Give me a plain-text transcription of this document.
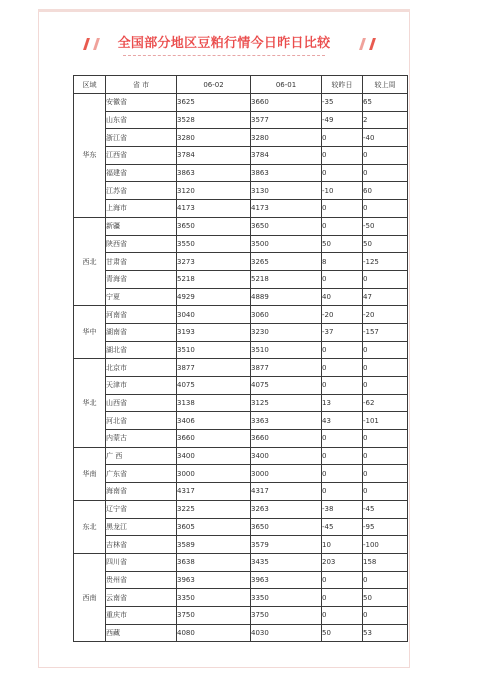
全国部分地区豆粕行情今日昨日比较
区域	省 市	06-02	06-01	较昨日	较上周
华东	安徽省	3625	3660	-35	65
	山东省	3528	3577	-49	2
	浙江省	3280	3280	0	-40
	江西省	3784	3784	0	0
	福建省	3863	3863	0	0
	江苏省	3120	3130	-10	60
	上海市	4173	4173	0	0
西北	新疆	3650	3650	0	-50
	陕西省	3550	3500	50	50
	甘肃省	3273	3265	8	-125
	青海省	5218	5218	0	0
	宁夏	4929	4889	40	47
华中	河南省	3040	3060	-20	-20
	湖南省	3193	3230	-37	-157
	湖北省	3510	3510	0	0
华北	北京市	3877	3877	0	0
	天津市	4075	4075	0	0
	山西省	3138	3125	13	-62
	河北省	3406	3363	43	-101
	内蒙古	3660	3660	0	0
华南	广 西	3400	3400	0	0
	广东省	3000	3000	0	0
	海南省	4317	4317	0	0
东北	辽宁省	3225	3263	-38	-45
	黑龙江	3605	3650	-45	-95
	吉林省	3589	3579	10	-100
西南	四川省	3638	3435	203	158
	贵州省	3963	3963	0	0
	云南省	3350	3350	0	50
	重庆市	3750	3750	0	0
	西藏	4080	4030	50	53
